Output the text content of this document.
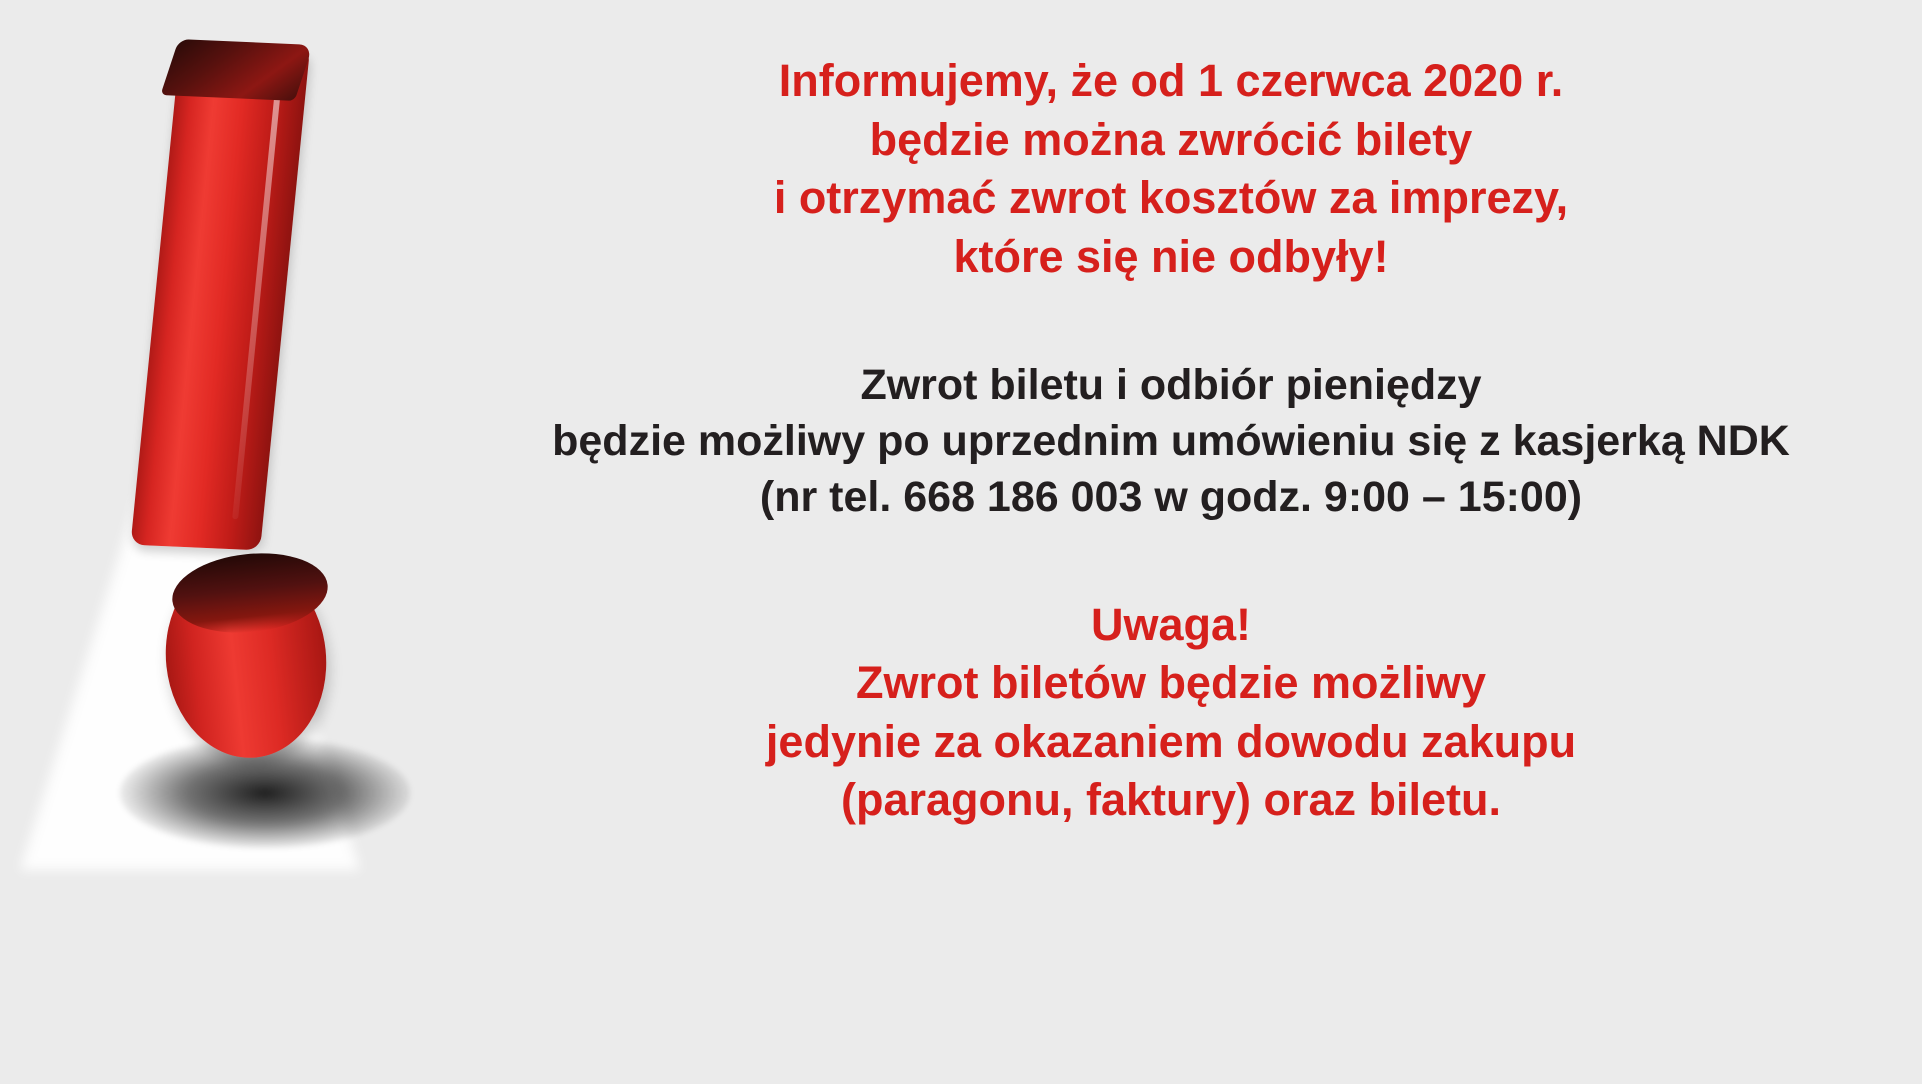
Informujemy, że od 1 czerwca 2020 r.
będzie można zwrócić bilety
i otrzymać zwrot kosztów za imprezy,
które się nie odbyły!
Zwrot biletu i odbiór pieniędzy
będzie możliwy po uprzednim umówieniu się z kasjerką NDK
(nr tel. 668 186 003 w godz. 9:00 – 15:00)
Uwaga!
Zwrot biletów będzie możliwy
jedynie za okazaniem dowodu zakupu
(paragonu, faktury) oraz biletu.
